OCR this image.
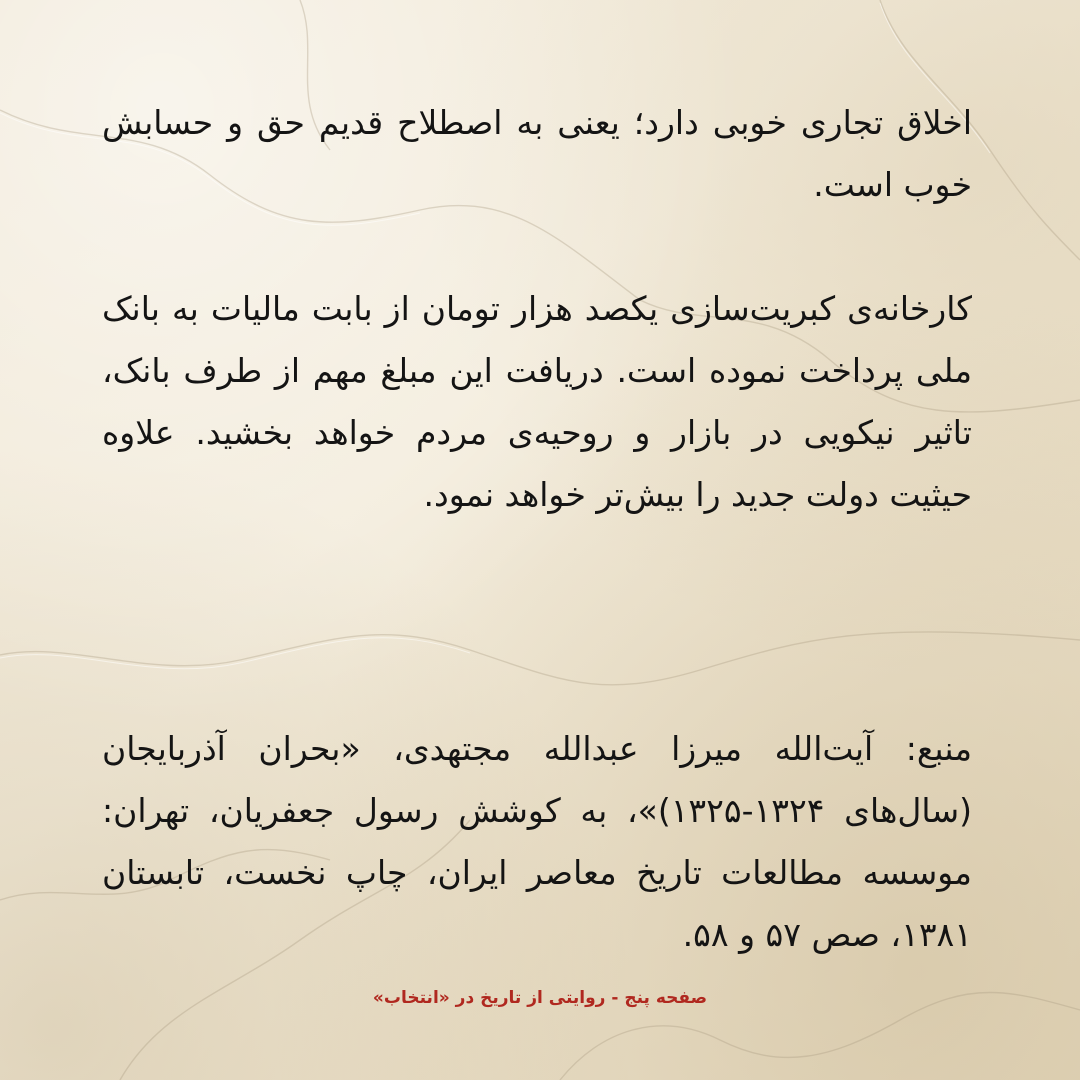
اخلاق تجاری خوبی دارد؛ یعنی به اصطلاح قدیم حق و حسابش خوب است.

کارخانه‌ی کبریت‌سازی یکصد هزار تومان از بابت مالیات به بانک ملی پرداخت نموده است. دریافت این مبلغ مهم از طرف بانک، تاثیر نیکویی در بازار و روحیه‌ی مردم خواهد بخشید. علاوه حیثیت دولت جدید را بیش‌تر خواهد نمود.

منبع: آیت‌الله میرزا عبدالله مجتهدی، «بحران آذربایجان (سال‌های ۱۳۲۴-۱۳۲۵)»، به کوشش رسول جعفریان، تهران: موسسه مطالعات تاریخ معاصر ایران، چاپ نخست، تابستان ۱۳۸۱، صص ۵۷ و ۵۸.

صفحه پنج - روایتی از تاریخ در «انتخاب»
